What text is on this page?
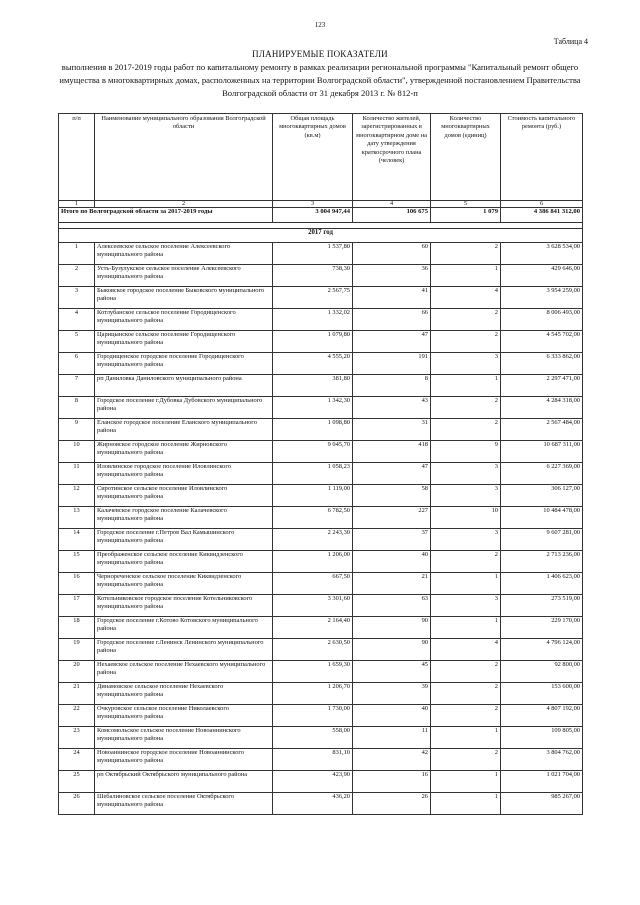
123
Таблица 4
ПЛАНИРУЕМЫЕ ПОКАЗАТЕЛИ
выполнения в 2017-2019 годы работ по капитальному ремонту в рамках реализации региональной программы "Капитальный ремонт общего имущества в многоквартирных домах, расположенных на территории Волгоградской области", утвержденной постановлением Правительства Волгоградской области от 31 декабря 2013 г. № 812-п
п/п	Наименование муниципального образования Волгоградской области	Общая площадь многоквартирных домов (кв.м)	Количество жителей, зарегистрированных в многоквартирном доме на дату утверждения краткосрочного плана (человек)	Количество многоквартирных домов (единиц)	Стоимость капитального ремонта (руб.)
1	2	3	4	5	6
Итого по Волгоградской области за 2017-2019 годы		3 004 947,44	106 675	1 079	4 386 841 312,00

2017 год					
1	Алексеевское сельское поселение Алексеевского муниципального района	1 537,80	60	2	3 628 534,00
2	Усть-Бузулукское сельское поселение Алексеевского муниципального района	738,30	36	1	429 646,00
3	Быковское городское поселение Быковского муниципального района	2 567,75	41	4	3 954 259,00
4	Котлубанское сельское поселение Городищенского муниципального района	1 332,02	66	2	8 006 493,00
5	Царицынское сельское поселение Городищенского муниципального района	1 079,80	47	2	4 545 702,00
6	Городищенское городское поселение Городищенского муниципального района	4 555,20	191	3	6 333 862,00
7	рп Даниловка Даниловского муниципального района	381,80	8	1	2 297 471,00
8	Городское поселение г.Дубовка Дубовского муниципального района	1 342,30	43	2	4 284 318,00
9	Еланское городское поселение Еланского муниципального района	1 098,80	31	2	2 567 484,00
10	Жирновское городское поселение Жирновского муниципального района	9 045,70	418	9	10 687 311,00
11	Иловлинское городское поселение Иловлинского муниципального района	1 058,23	47	3	6 227 369,00
12	Сиротинское сельское поселение Иловлинского муниципального района	1 119,00	58	3	306 127,00
13	Калачевское городское поселение Калачевского муниципального района	6 782,50	227	10	10 484 478,00
14	Городское поселение г.Петров Вал Камышинского муниципального района	2 243,30	37	3	9 607 281,00
15	Преображенское сельское поселение Киквидзенского муниципального района	1 206,00	40	2	2 713 236,00
16	Чернореченское сельское поселение Киквидзенского муниципального района	667,50	21	1	1 406 623,00
17	Котельниковское городское поселение Котельниковского муниципального района	3 301,60	63	3	273 519,00
18	Городское поселение г.Котово Котовского муниципального района	2 164,40	90	1	229 170,00
19	Городское поселение г.Ленинск Ленинского муниципального района	2 630,50	90	4	4 796 124,00
20	Нехаевское сельское поселение Нехаевского муниципального района	1 659,30	45	2	92 800,00
21	Динамовское сельское поселение Нехаевского муниципального района	1 206,70	39	2	153 600,00
22	Очкуровское сельское поселение Николаевского муниципального района	1 730,00	40	2	4 807 192,00
23	Комсомольское сельское поселение Новоаннинского муниципального района	558,00	11	1	109 805,00
24	Новоаннинское городское поселение Новоаннинского муниципального района	831,10	42	2	3 804 762,00
25	рп Октябрьский Октябрьского муниципального района	423,90	16	1	1 021 704,00
26	Шебалиновское сельское поселение Октябрьского муниципального района	436,20	26	1	985 267,00
